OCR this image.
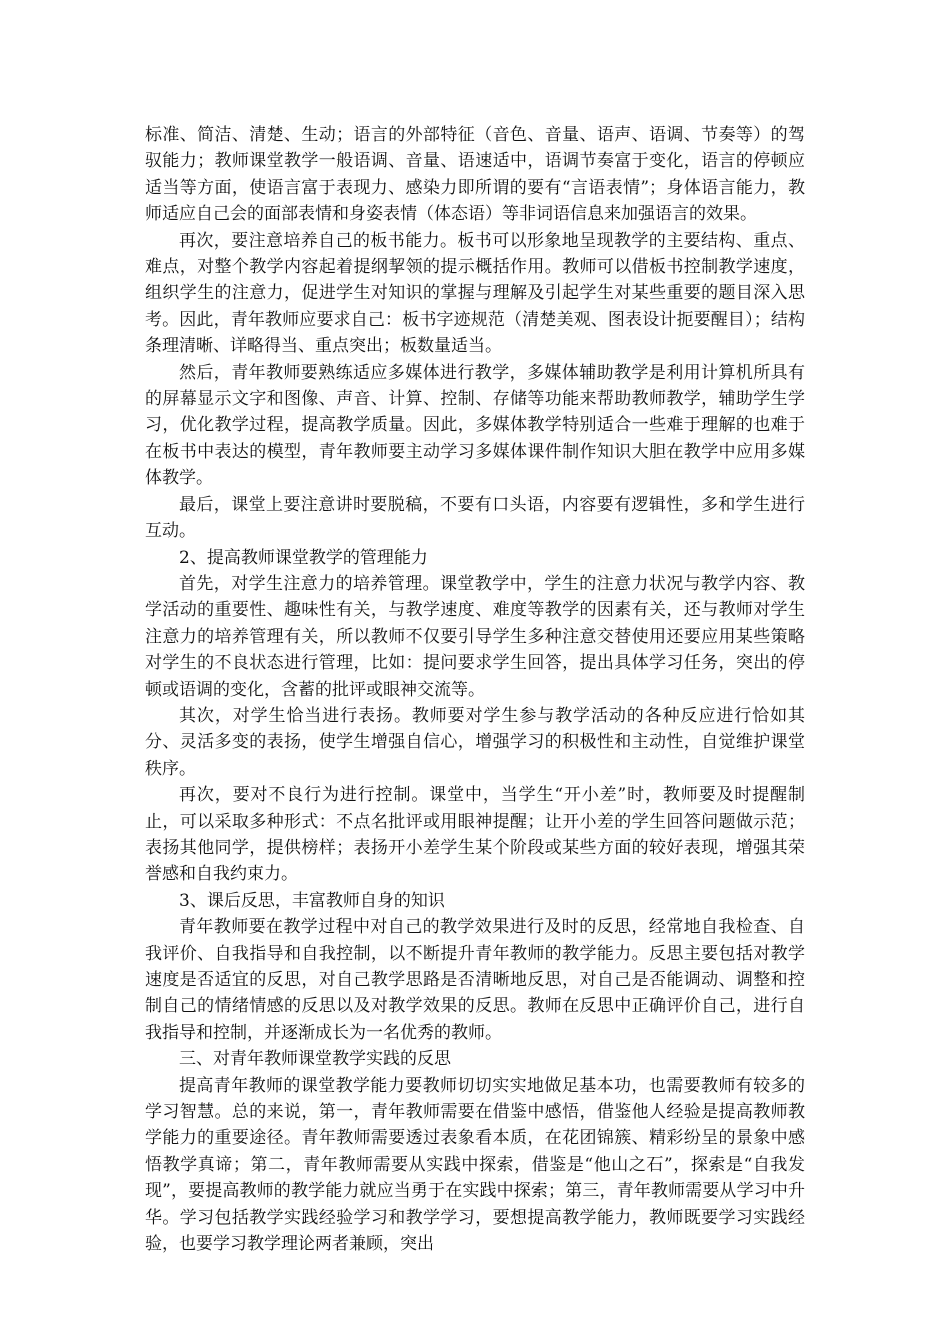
标准、简洁、清楚、生动；语言的外部特征（音色、音量、语声、语调、节奏等）的驾驭能力；教师课堂教学一般语调、音量、语速适中，语调节奏富于变化，语言的停顿应适当等方面，使语言富于表现力、感染力即所谓的要有“言语表情”；身体语言能力，教师适应自己会的面部表情和身姿表情（体态语）等非词语信息来加强语言的效果。

再次，要注意培养自己的板书能力。板书可以形象地呈现教学的主要结构、重点、难点，对整个教学内容起着提纲挈领的提示概括作用。教师可以借板书控制教学速度，组织学生的注意力，促进学生对知识的掌握与理解及引起学生对某些重要的题目深入思考。因此，青年教师应要求自己：板书字迹规范（清楚美观、图表设计扼要醒目）；结构条理清晰、详略得当、重点突出；板数量适当。

然后，青年教师要熟练适应多媒体进行教学，多媒体辅助教学是利用计算机所具有的屏幕显示文字和图像、声音、计算、控制、存储等功能来帮助教师教学，辅助学生学习，优化教学过程，提高教学质量。因此，多媒体教学特别适合一些难于理解的也难于在板书中表达的模型，青年教师要主动学习多媒体课件制作知识大胆在教学中应用多媒体教学。

最后，课堂上要注意讲时要脱稿，不要有口头语，内容要有逻辑性，多和学生进行互动。

2、提高教师课堂教学的管理能力

首先，对学生注意力的培养管理。课堂教学中，学生的注意力状况与教学内容、教学活动的重要性、趣味性有关，与教学速度、难度等教学的因素有关，还与教师对学生注意力的培养管理有关，所以教师不仅要引导学生多种注意交替使用还要应用某些策略对学生的不良状态进行管理，比如：提问要求学生回答，提出具体学习任务，突出的停顿或语调的变化，含蓄的批评或眼神交流等。

其次，对学生恰当进行表扬。教师要对学生参与教学活动的各种反应进行恰如其分、灵活多变的表扬，使学生增强自信心，增强学习的积极性和主动性，自觉维护课堂秩序。

再次，要对不良行为进行控制。课堂中，当学生“开小差”时，教师要及时提醒制止，可以采取多种形式：不点名批评或用眼神提醒；让开小差的学生回答问题做示范；表扬其他同学，提供榜样；表扬开小差学生某个阶段或某些方面的较好表现，增强其荣誉感和自我约束力。

3、课后反思，丰富教师自身的知识

青年教师要在教学过程中对自己的教学效果进行及时的反思，经常地自我检查、自我评价、自我指导和自我控制，以不断提升青年教师的教学能力。反思主要包括对教学速度是否适宜的反思，对自己教学思路是否清晰地反思，对自己是否能调动、调整和控制自己的情绪情感的反思以及对教学效果的反思。教师在反思中正确评价自己，进行自我指导和控制，并逐渐成长为一名优秀的教师。

三、对青年教师课堂教学实践的反思

提高青年教师的课堂教学能力要教师切切实实地做足基本功，也需要教师有较多的学习智慧。总的来说，第一，青年教师需要在借鉴中感悟，借鉴他人经验是提高教师教学能力的重要途径。青年教师需要透过表象看本质，在花团锦簇、精彩纷呈的景象中感悟教学真谛；第二，青年教师需要从实践中探索，借鉴是“他山之石”，探索是“自我发现”，要提高教师的教学能力就应当勇于在实践中探索；第三，青年教师需要从学习中升华。学习包括教学实践经验学习和教学学习，要想提高教学能力，教师既要学习实践经验，也要学习教学理论两者兼顾，突出
